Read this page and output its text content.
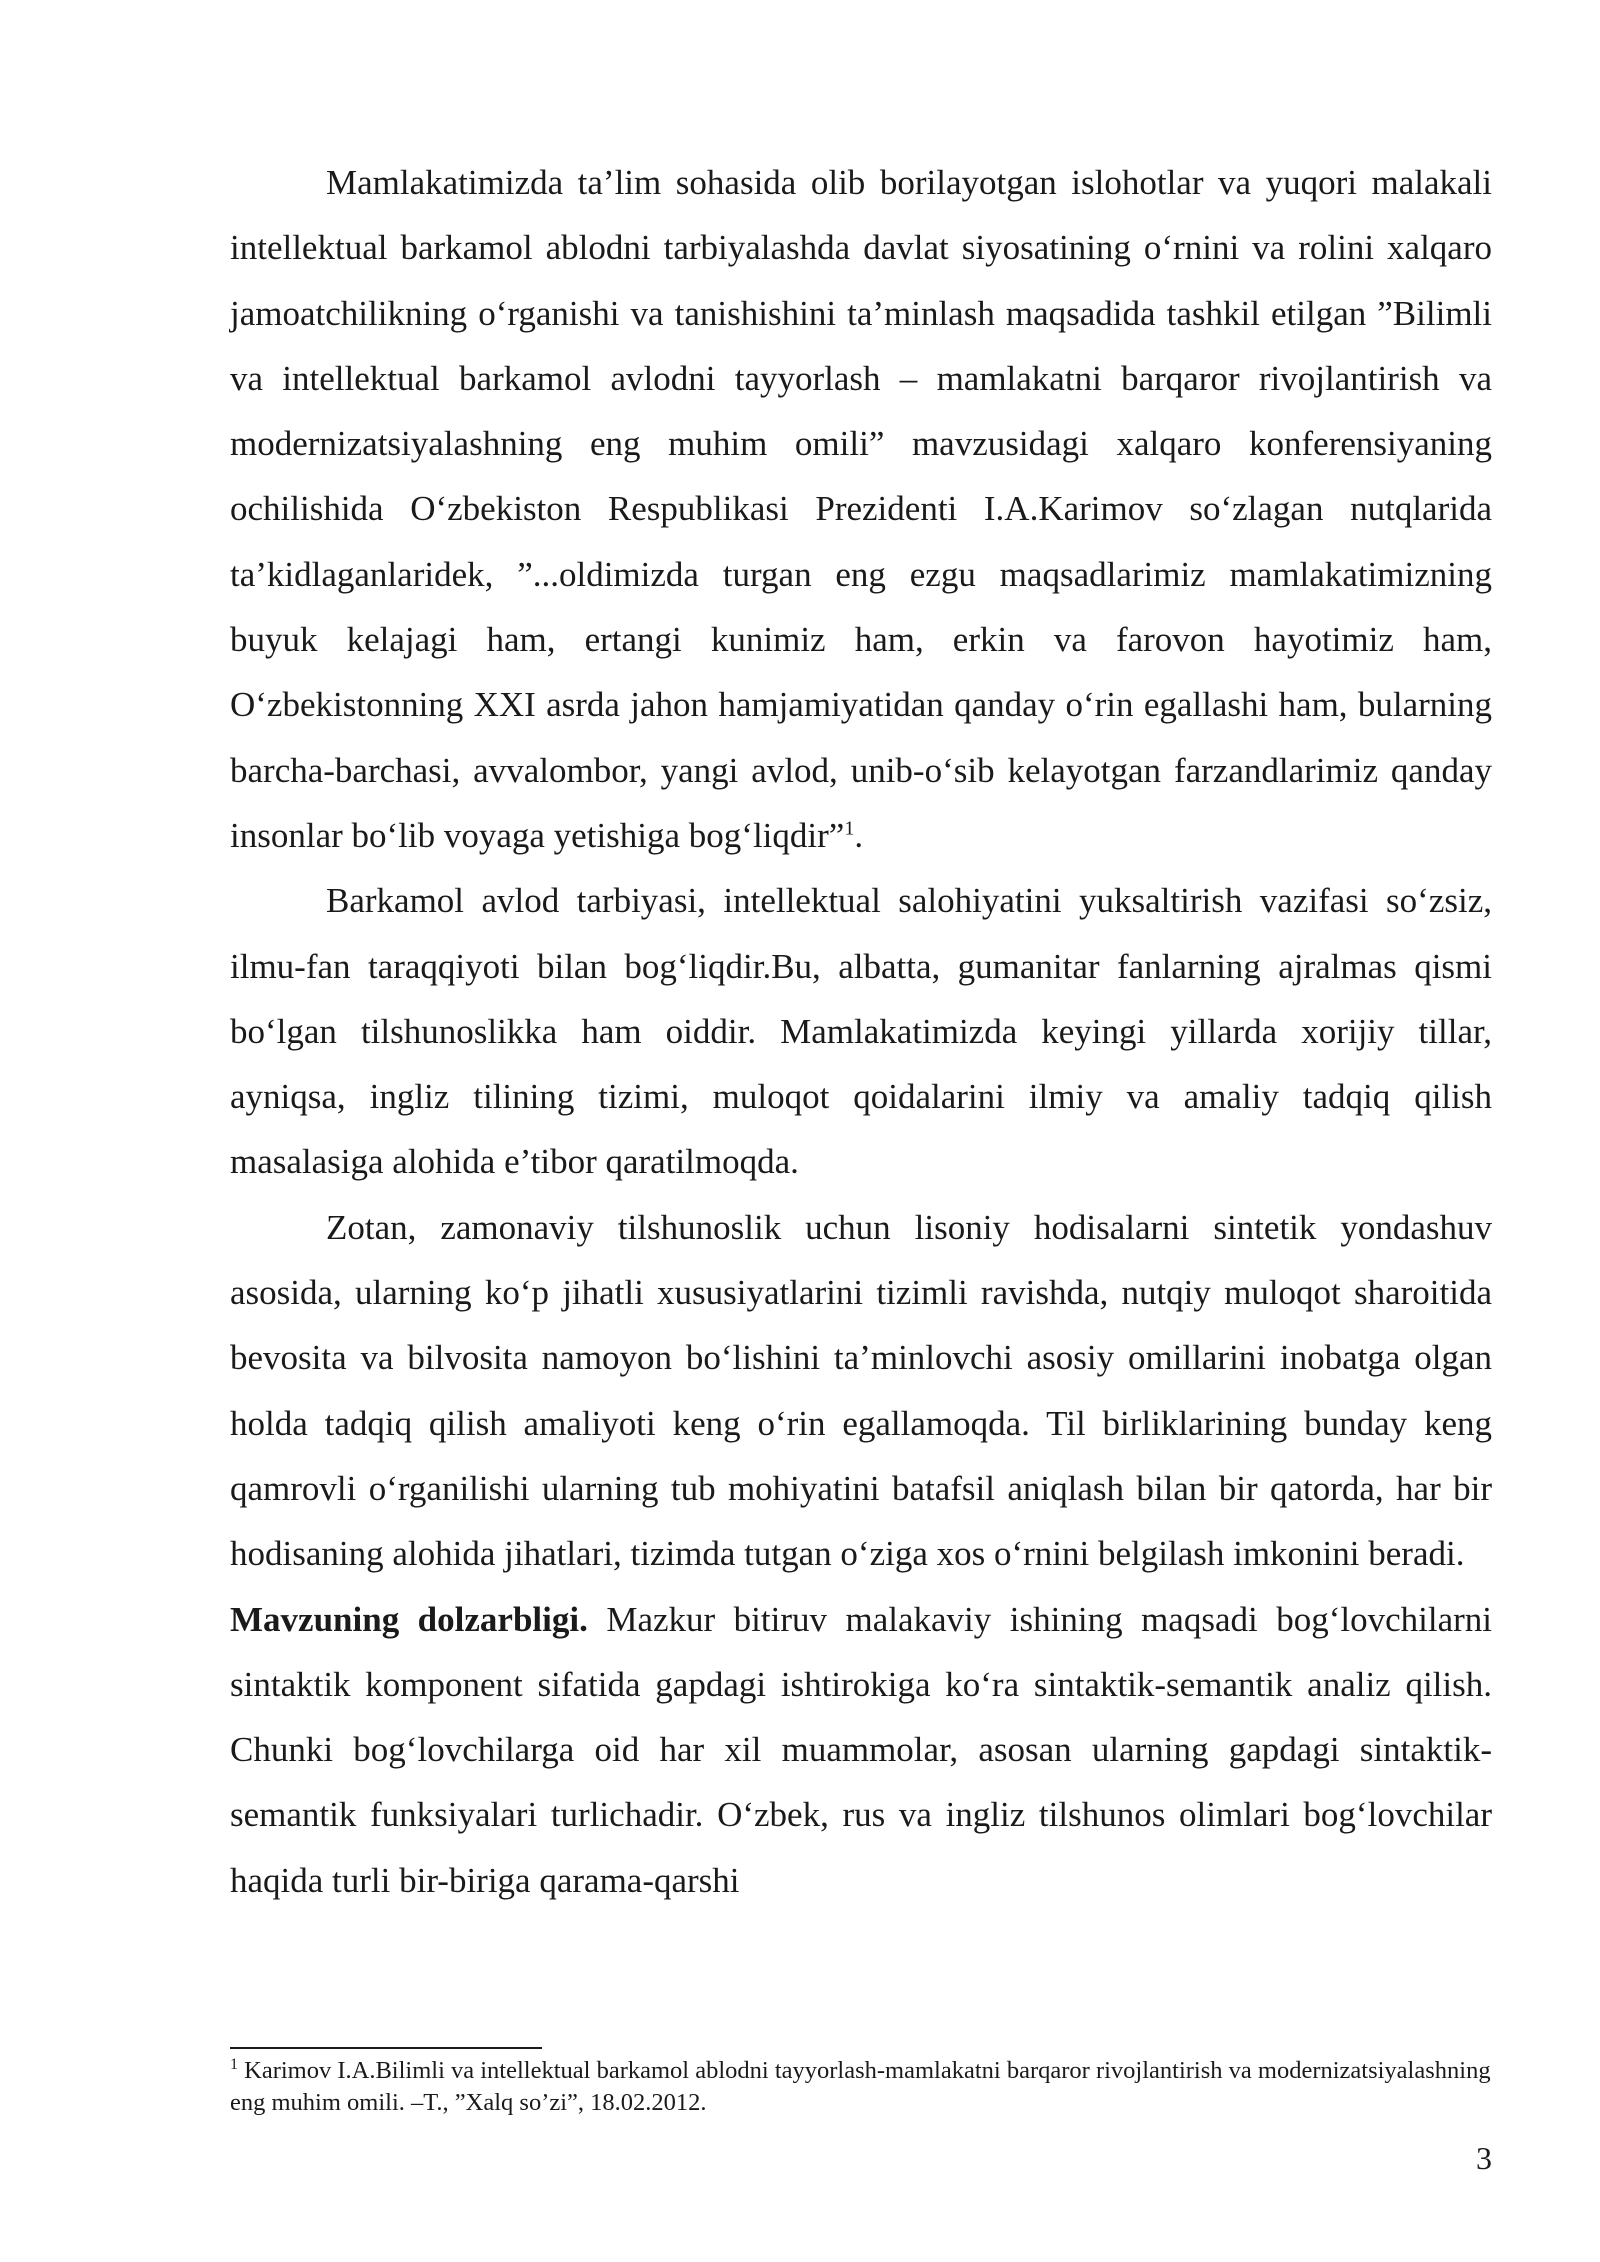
Mamlakatimizda ta’lim sohasida olib borilayotgan islohotlar va yuqori malakali intellektual barkamol ablodni tarbiyalashda davlat siyosatining o‘rnini va rolini xalqaro jamoatchilikning o‘rganishi va tanishishini ta’minlash maqsadida tashkil etilgan ”Bilimli va intellektual barkamol avlodni tayyorlash – mamlakatni barqaror rivojlantirish va modernizatsiyalashning eng muhim omili” mavzusidagi xalqaro konferensiyaning ochilishida O‘zbekiston Respublikasi Prezidenti I.A.Karimov so‘zlagan nutqlarida ta’kidlaganlaridek, ”...oldimizda turgan eng ezgu maqsadlarimiz mamlakatimizning buyuk kelajagi ham, ertangi kunimiz ham, erkin va farovon hayotimiz ham, O‘zbekistonning XXI asrda jahon hamjamiyatidan qanday o‘rin egallashi ham, bularning barcha-barchasi, avvalombor, yangi avlod, unib-o‘sib kelayotgan farzandlarimiz qanday insonlar bo‘lib voyaga yetishiga bog‘liqdir”$^1$.

Barkamol avlod tarbiyasi, intellektual salohiyatini yuksaltirish vazifasi so‘zsiz, ilmu-fan taraqqiyoti bilan bog‘liqdir.Bu, albatta, gumanitar fanlarning ajralmas qismi bo‘lgan tilshunoslikka ham oiddir. Mamlakatimizda keyingi yillarda xorijiy tillar, ayniqsa, ingliz tilining tizimi, muloqot qoidalarini ilmiy va amaliy tadqiq qilish masalasiga alohida e’tibor qaratilmoqda.

Zotan, zamonaviy tilshunoslik uchun lisoniy hodisalarni sintetik yondashuv asosida, ularning ko‘p jihatli xususiyatlarini tizimli ravishda, nutqiy muloqot sharoitida bevosita va bilvosita namoyon bo‘lishini ta’minlovchi asosiy omillarini inobatga olgan holda tadqiq qilish amaliyoti keng o‘rin egallamoqda. Til birliklarining bunday keng qamrovli o‘rganilishi ularning tub mohiyatini batafsil aniqlash bilan bir qatorda, har bir hodisaning alohida jihatlari, tizimda tutgan o‘ziga xos o‘rnini belgilash imkonini beradi.

Mavzuning dolzarbligi. Mazkur bitiruv malakaviy ishining maqsadi bog‘lovchilarni sintaktik komponent sifatida gapdagi ishtirokiga ko‘ra sintaktik-semantik analiz qilish. Chunki bog‘lovchilarga oid har xil muammolar, asosan ularning gapdagi sintaktik-semantik funksiyalari turlichadir. O‘zbek, rus va ingliz tilshunos olimlari bog‘lovchilar haqida turli bir-biriga qarama-qarshi

$^1$ Karimov I.A.Bilimli va intellektual barkamol ablodni tayyorlash-mamlakatni barqaror rivojlantirish va modernizatsiyalashning eng muhim omili. –T., ”Xalq so’zi”, 18.02.2012.

3
